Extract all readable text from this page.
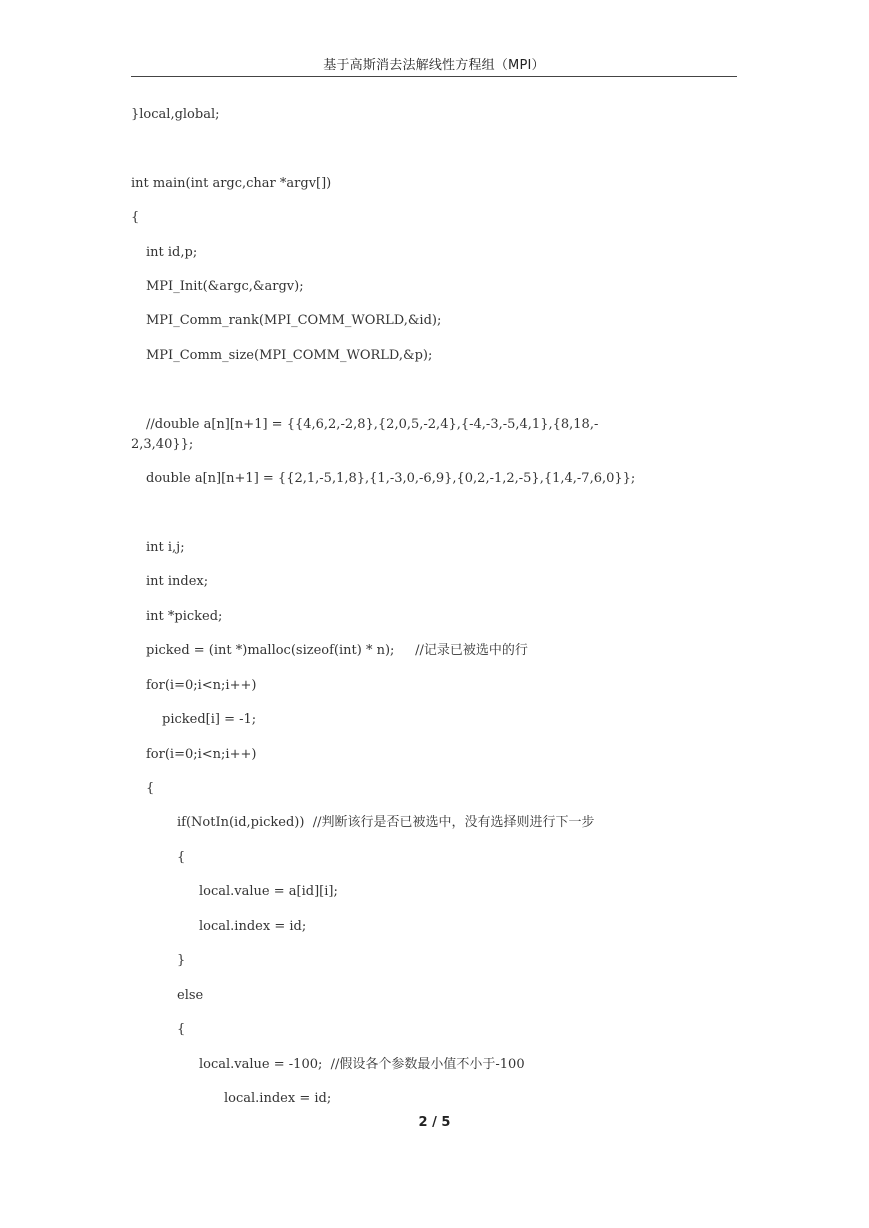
基于高斯消去法解线性方程组（MPI）
}local,global;
int main(int argc,char *argv[])
{
int id,p;
MPI_Init(&argc,&argv);
MPI_Comm_rank(MPI_COMM_WORLD,&id);
MPI_Comm_size(MPI_COMM_WORLD,&p);
//double a[n][n+1] = {{4,6,2,-2,8},{2,0,5,-2,4},{-4,-3,-5,4,1},{8,18,-
2,3,40}};
double a[n][n+1] = {{2,1,-5,1,8},{1,-3,0,-6,9},{0,2,-1,2,-5},{1,4,-7,6,0}};
int i,j;
int index;
int *picked;
picked = (int *)malloc(sizeof(int) * n);     //记录已被选中的行
for(i=0;i<n;i++)
picked[i] = -1;
for(i=0;i<n;i++)
{
if(NotIn(id,picked))  //判断该行是否已被选中，没有选择则进行下一步
{
local.value = a[id][i];
local.index = id;
}
else
{
local.value = -100;  //假设各个参数最小值不小于-100
local.index = id;
2 / 5
